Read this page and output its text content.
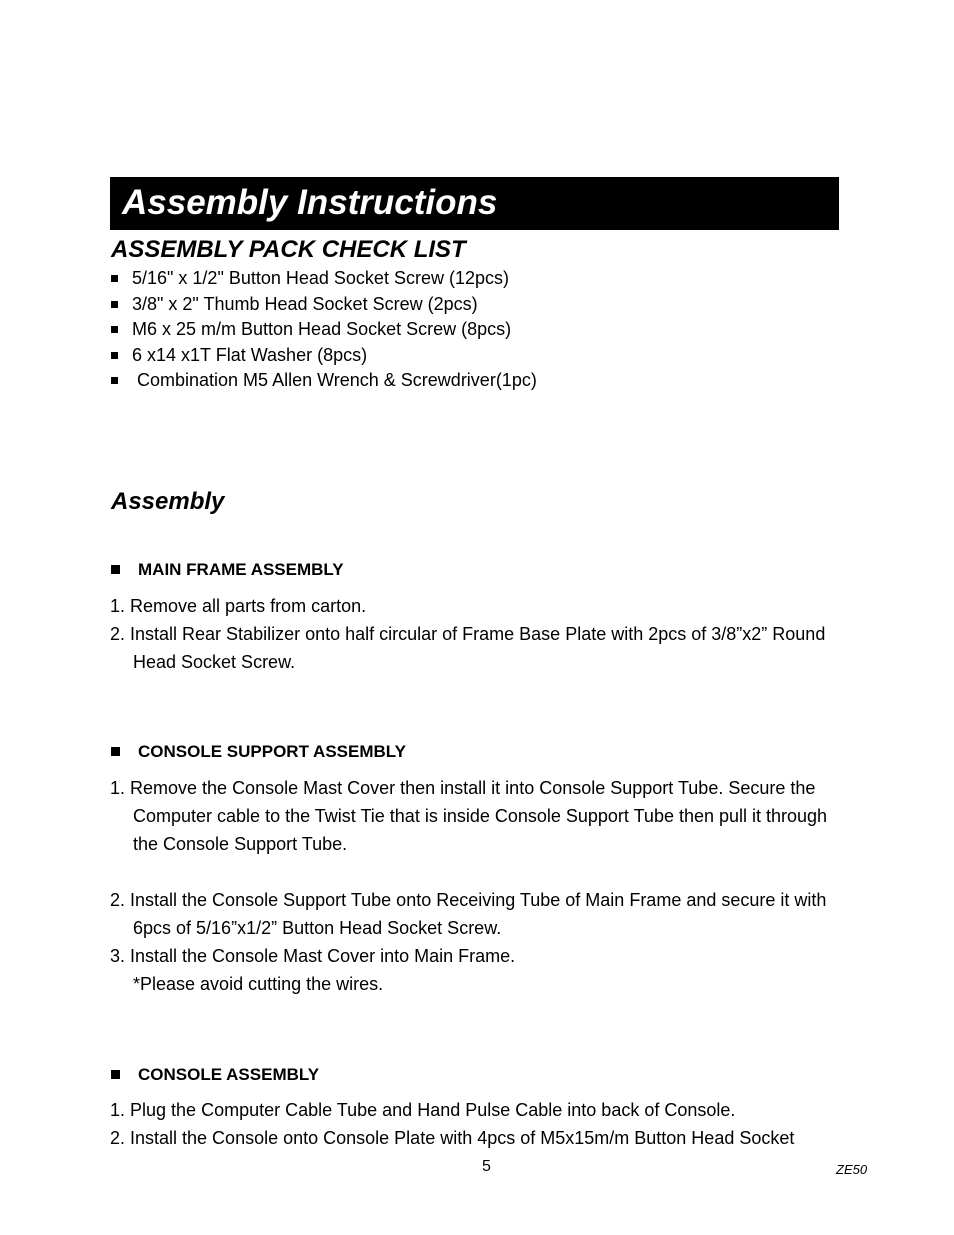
Assembly Instructions
ASSEMBLY PACK CHECK LIST
5/16" x 1/2" Button Head Socket Screw (12pcs)
3/8" x 2" Thumb Head Socket Screw (2pcs)
M6 x 25 m/m Button Head Socket Screw (8pcs)
6 x14 x1T Flat Washer (8pcs)
Combination M5 Allen Wrench & Screwdriver(1pc)
Assembly
MAIN FRAME ASSEMBLY
1. Remove all parts from carton.
2. Install Rear Stabilizer onto half circular of Frame Base Plate with 2pcs of 3/8”x2” Round
Head Socket Screw.
CONSOLE SUPPORT ASSEMBLY
1. Remove the Console Mast Cover then install it into Console Support Tube. Secure the
Computer cable to the Twist Tie that is inside Console Support Tube then pull it through
the Console Support Tube.
2. Install the Console Support Tube onto Receiving Tube of Main Frame and secure it with
6pcs of 5/16”x1/2” Button Head Socket Screw.
3. Install the Console Mast Cover into Main Frame.
*Please avoid cutting the wires.
CONSOLE ASSEMBLY
1. Plug the Computer Cable Tube and Hand Pulse Cable into back of Console.
2. Install the Console onto Console Plate with 4pcs of M5x15m/m Button Head Socket
5	ZE50
